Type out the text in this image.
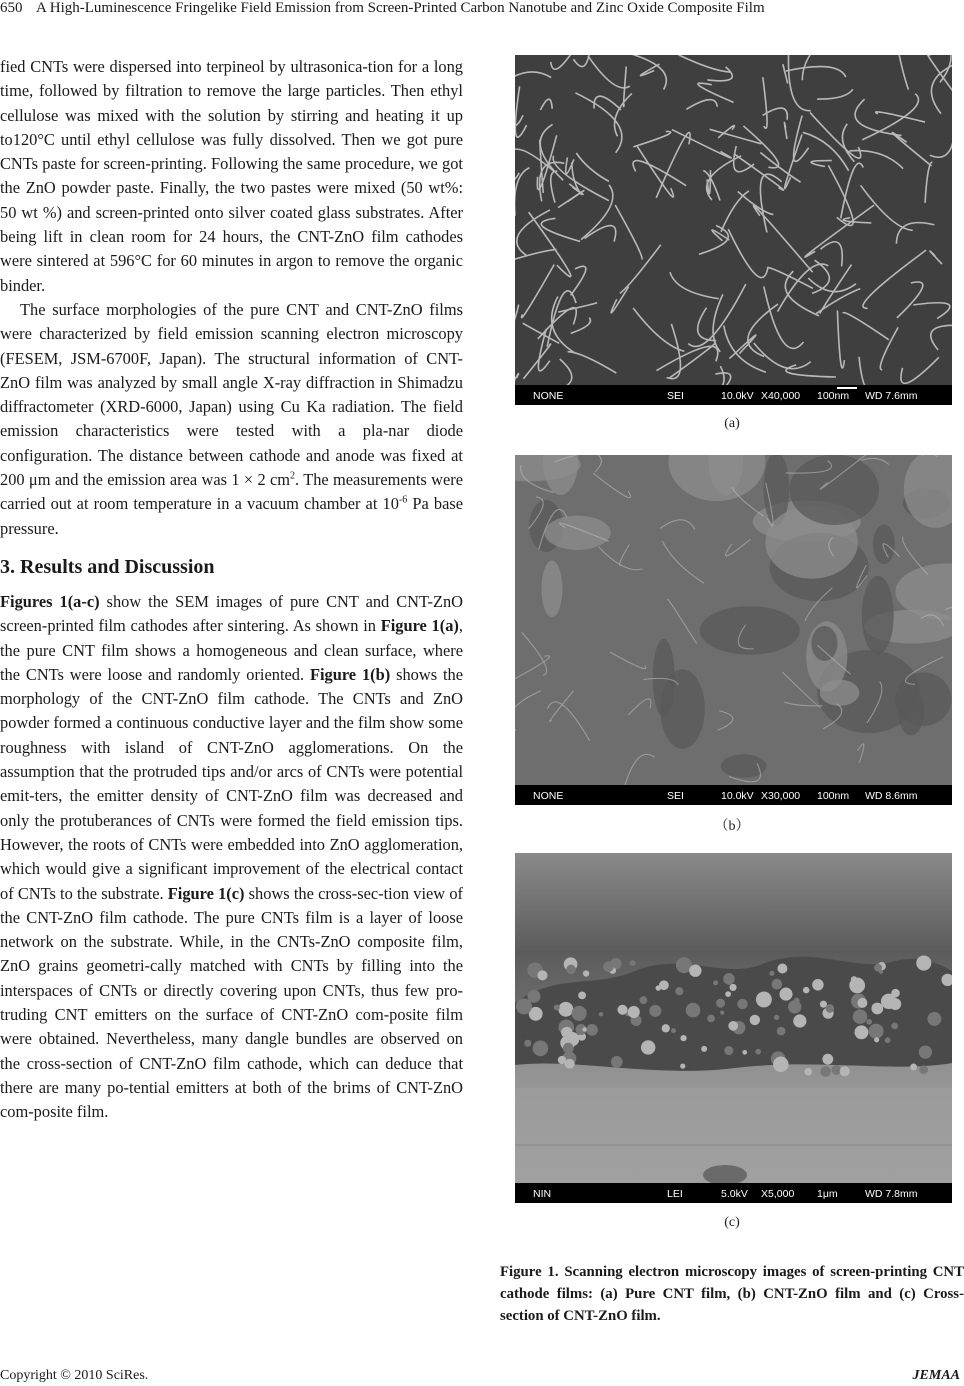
650 A High-Luminescence Fringelike Field Emission from Screen-Printed Carbon Nanotube and Zinc Oxide Composite Film

fied CNTs were dispersed into terpineol by ultrasonica-tion for a long time, followed by filtration to remove the large particles. Then ethyl cellulose was mixed with the solution by stirring and heating it up to120°C until ethyl cellulose was fully dissolved. Then we got pure CNTs paste for screen-printing. Following the same procedure, we got the ZnO powder paste. Finally, the two pastes were mixed (50 wt%: 50 wt %) and screen-printed onto silver coated glass substrates. After being lift in clean room for 24 hours, the CNT-ZnO film cathodes were sintered at 596°C for 60 minutes in argon to remove the organic binder.

The surface morphologies of the pure CNT and CNT-ZnO films were characterized by field emission scanning electron microscopy (FESEM, JSM-6700F, Japan). The structural information of CNT-ZnO film was analyzed by small angle X-ray diffraction in Shimadzu diffractometer (XRD-6000, Japan) using Cu Ka radiation. The field emission characteristics were tested with a pla-nar diode configuration. The distance between cathode and anode was fixed at 200 μm and the emission area was 1 × 2 $cm^2$. The measurements were carried out at room temperature in a vacuum chamber at $10^{-6}$ Pa base pressure.

3. Results and Discussion

Figures 1(a-c) show the SEM images of pure CNT and CNT-ZnO screen-printed film cathodes after sintering. As shown in Figure 1(a), the pure CNT film shows a homogeneous and clean surface, where the CNTs were loose and randomly oriented. Figure 1(b) shows the morphology of the CNT-ZnO film cathode. The CNTs and ZnO powder formed a continuous conductive layer and the film show some roughness with island of CNT-ZnO agglomerations. On the assumption that the protruded tips and/or arcs of CNTs were potential emit-ters, the emitter density of CNT-ZnO film was decreased and only the protuberances of CNTs were formed the field emission tips. However, the roots of CNTs were embedded into ZnO agglomeration, which would give a significant improvement of the electrical contact of CNTs to the substrate. Figure 1(c) shows the cross-sec-tion view of the CNT-ZnO film cathode. The pure CNTs film is a layer of loose network on the substrate. While, in the CNTs-ZnO composite film, ZnO grains geometri-cally matched with CNTs by filling into the interspaces of CNTs or directly covering upon CNTs, thus few pro-truding CNT emitters on the surface of CNT-ZnO com-posite film were obtained. Nevertheless, many dangle bundles are observed on the cross-section of CNT-ZnO film cathode, which can deduce that there are many po-tential emitters at both of the brims of CNT-ZnO com-posite film.

NONE	SEI	10.0kV X40,000 100nm WD 7.6mm
(a)
NONE	SEI	10.0kV X30,000 100nm WD 8.6mm
（b）
NIN	LEI	5.0kV X5,000 1μm	WD 7.8mm
(c)
Figure 1. Scanning electron microscopy images of screen-printing CNT cathode films: (a) Pure CNT film, (b) CNT-ZnO film and (c) Cross-section of CNT-ZnO film.
Copyright © 2010 SciRes.	JEMAA
